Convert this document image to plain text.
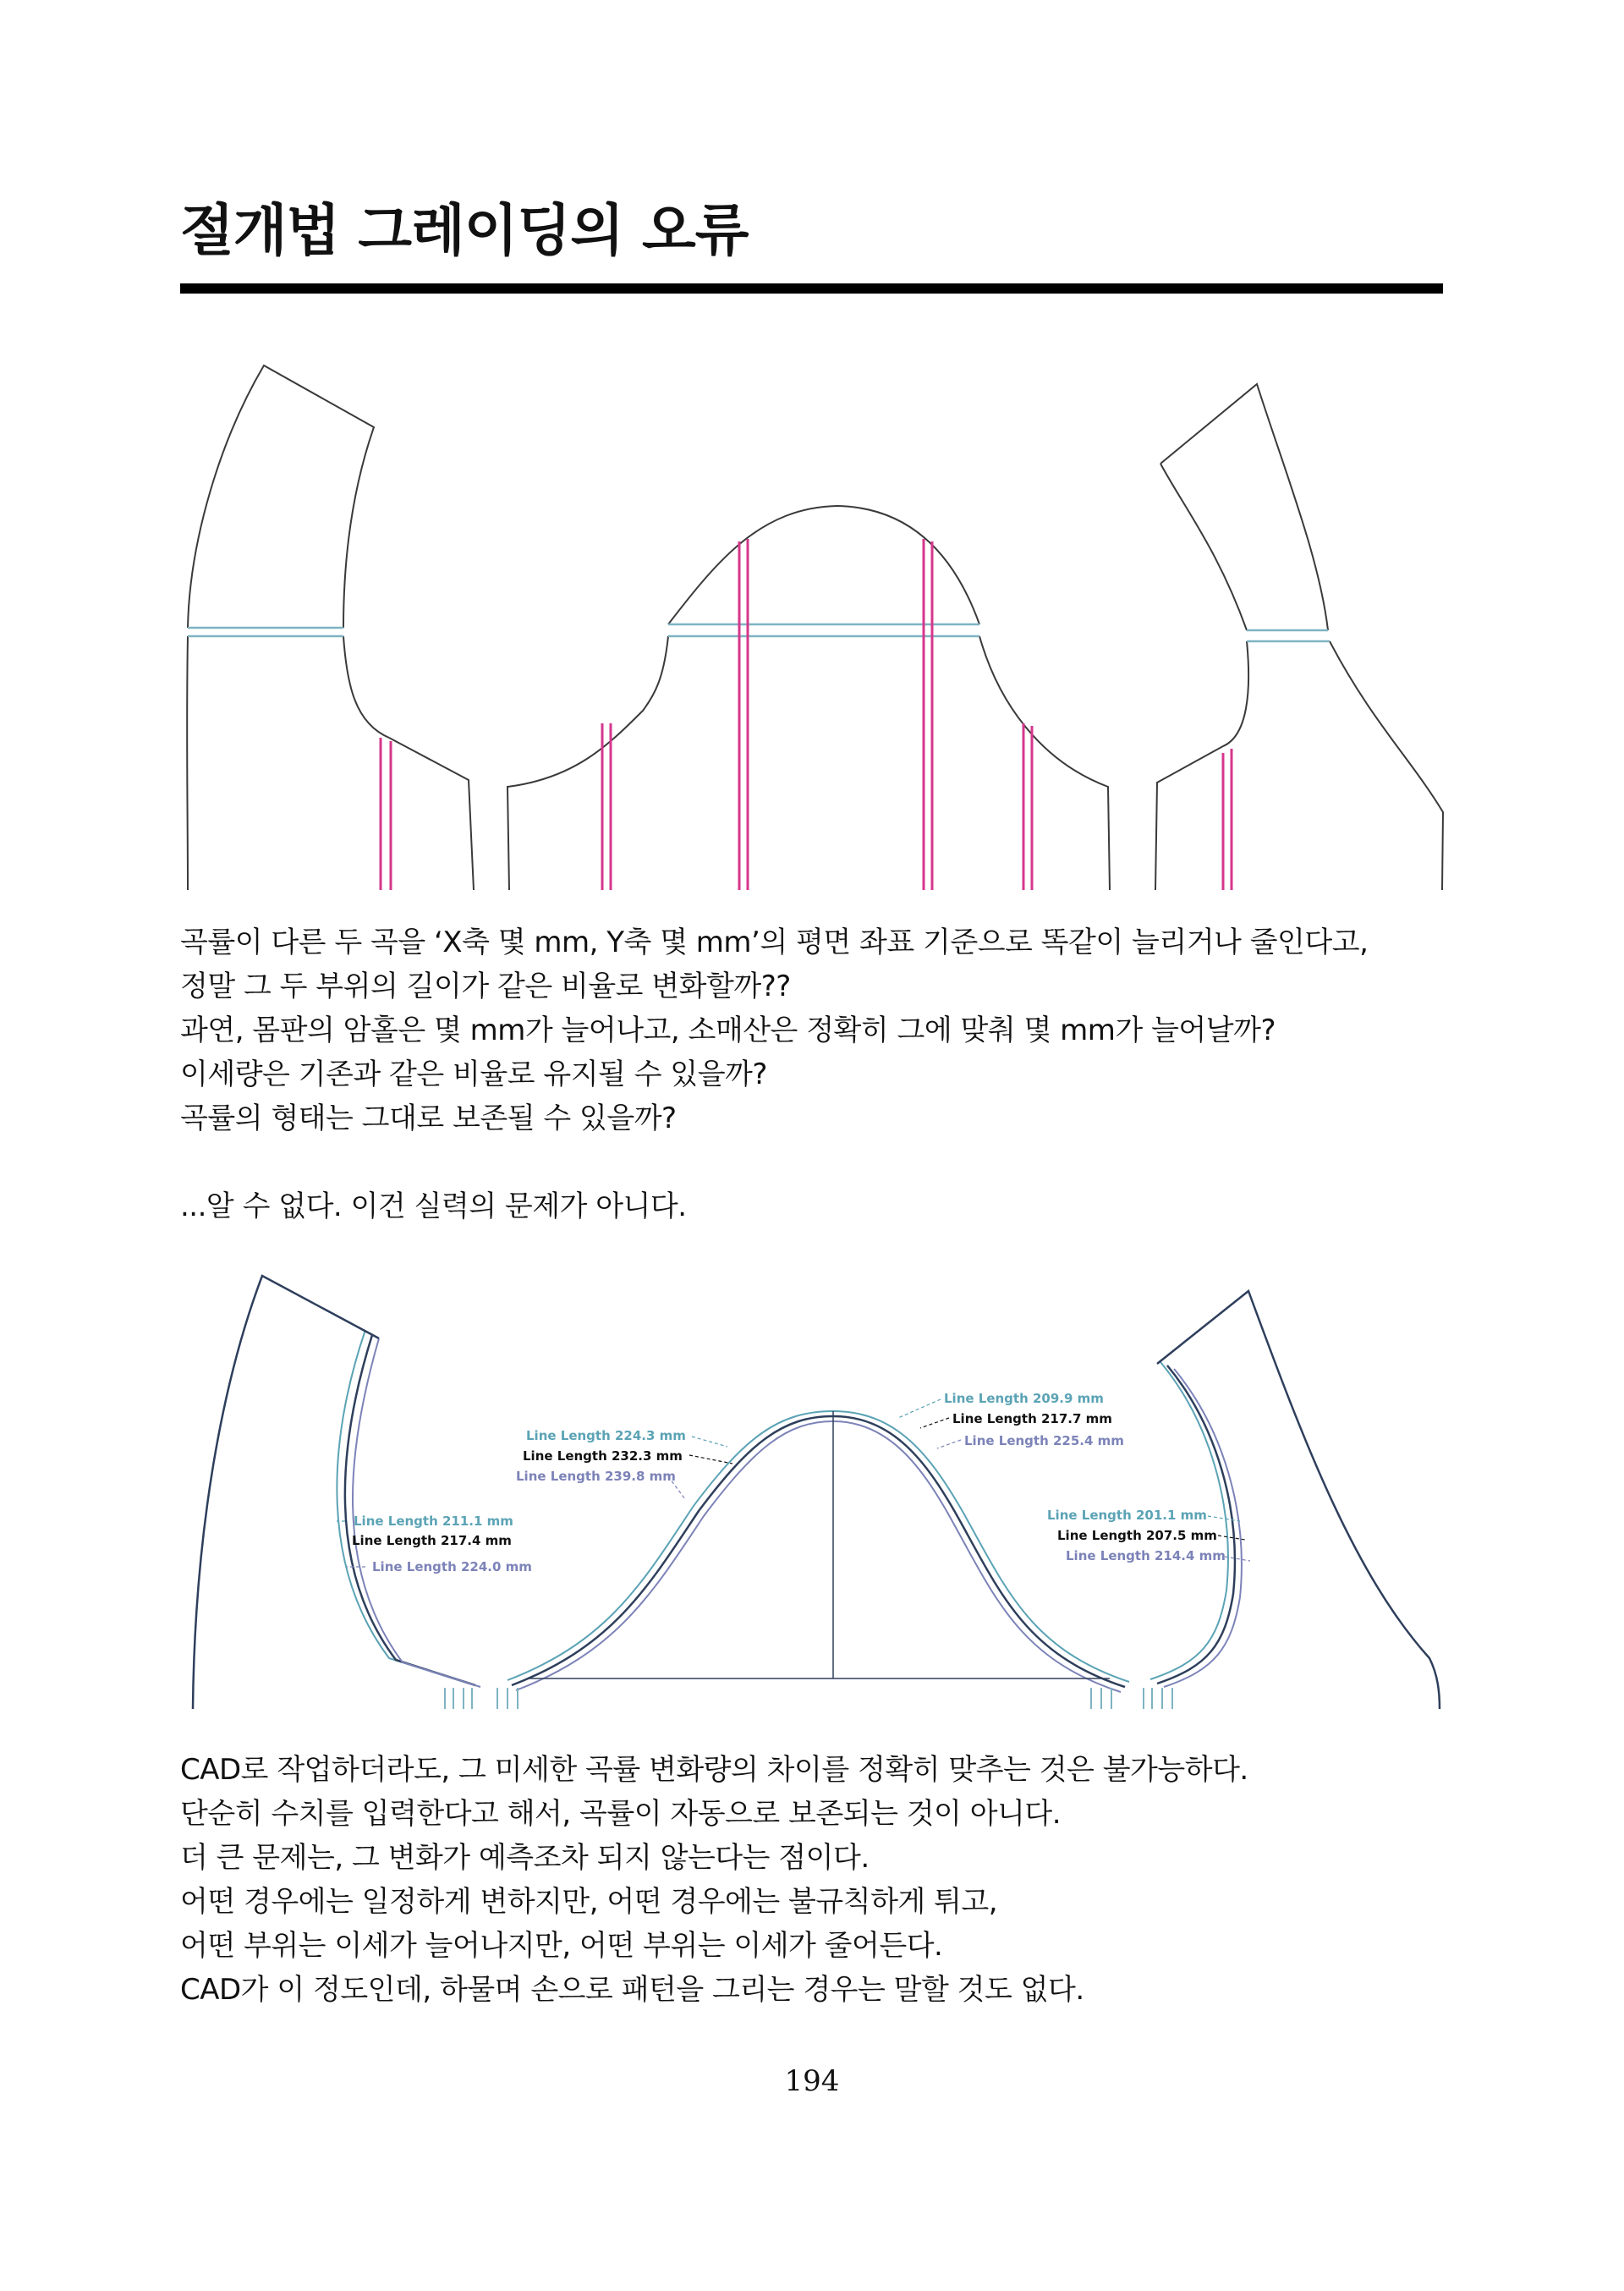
절개법 그레이딩의 오류
곡률이 다른 두 곡을 ‘X축 몇 mm, Y축 몇 mm’의 평면 좌표 기준으로 똑같이 늘리거나 줄인다고,
정말 그 두 부위의 길이가 같은 비율로 변화할까??
과연, 몸판의 암홀은 몇 mm가 늘어나고, 소매산은 정확히 그에 맞춰 몇 mm가 늘어날까?
이세량은 기존과 같은 비율로 유지될 수 있을까?
곡률의 형태는 그대로 보존될 수 있을까?
...알 수 없다. 이건 실력의 문제가 아니다.
Line Length 211.1 mm
Line Length 217.4 mm
Line Length 224.0 mm
Line Length 224.3 mm
Line Length 232.3 mm
Line Length 239.8 mm
Line Length 209.9 mm
Line Length 217.7 mm
Line Length 225.4 mm
Line Length 201.1 mm
Line Length 207.5 mm
Line Length 214.4 mm
CAD로 작업하더라도, 그 미세한 곡률 변화량의 차이를 정확히 맞추는 것은 불가능하다.
단순히 수치를 입력한다고 해서, 곡률이 자동으로 보존되는 것이 아니다.
더 큰 문제는, 그 변화가 예측조차 되지 않는다는 점이다.
어떤 경우에는 일정하게 변하지만, 어떤 경우에는 불규칙하게 튀고,
어떤 부위는 이세가 늘어나지만, 어떤 부위는 이세가 줄어든다.
CAD가 이 정도인데, 하물며 손으로 패턴을 그리는 경우는 말할 것도 없다.
194
